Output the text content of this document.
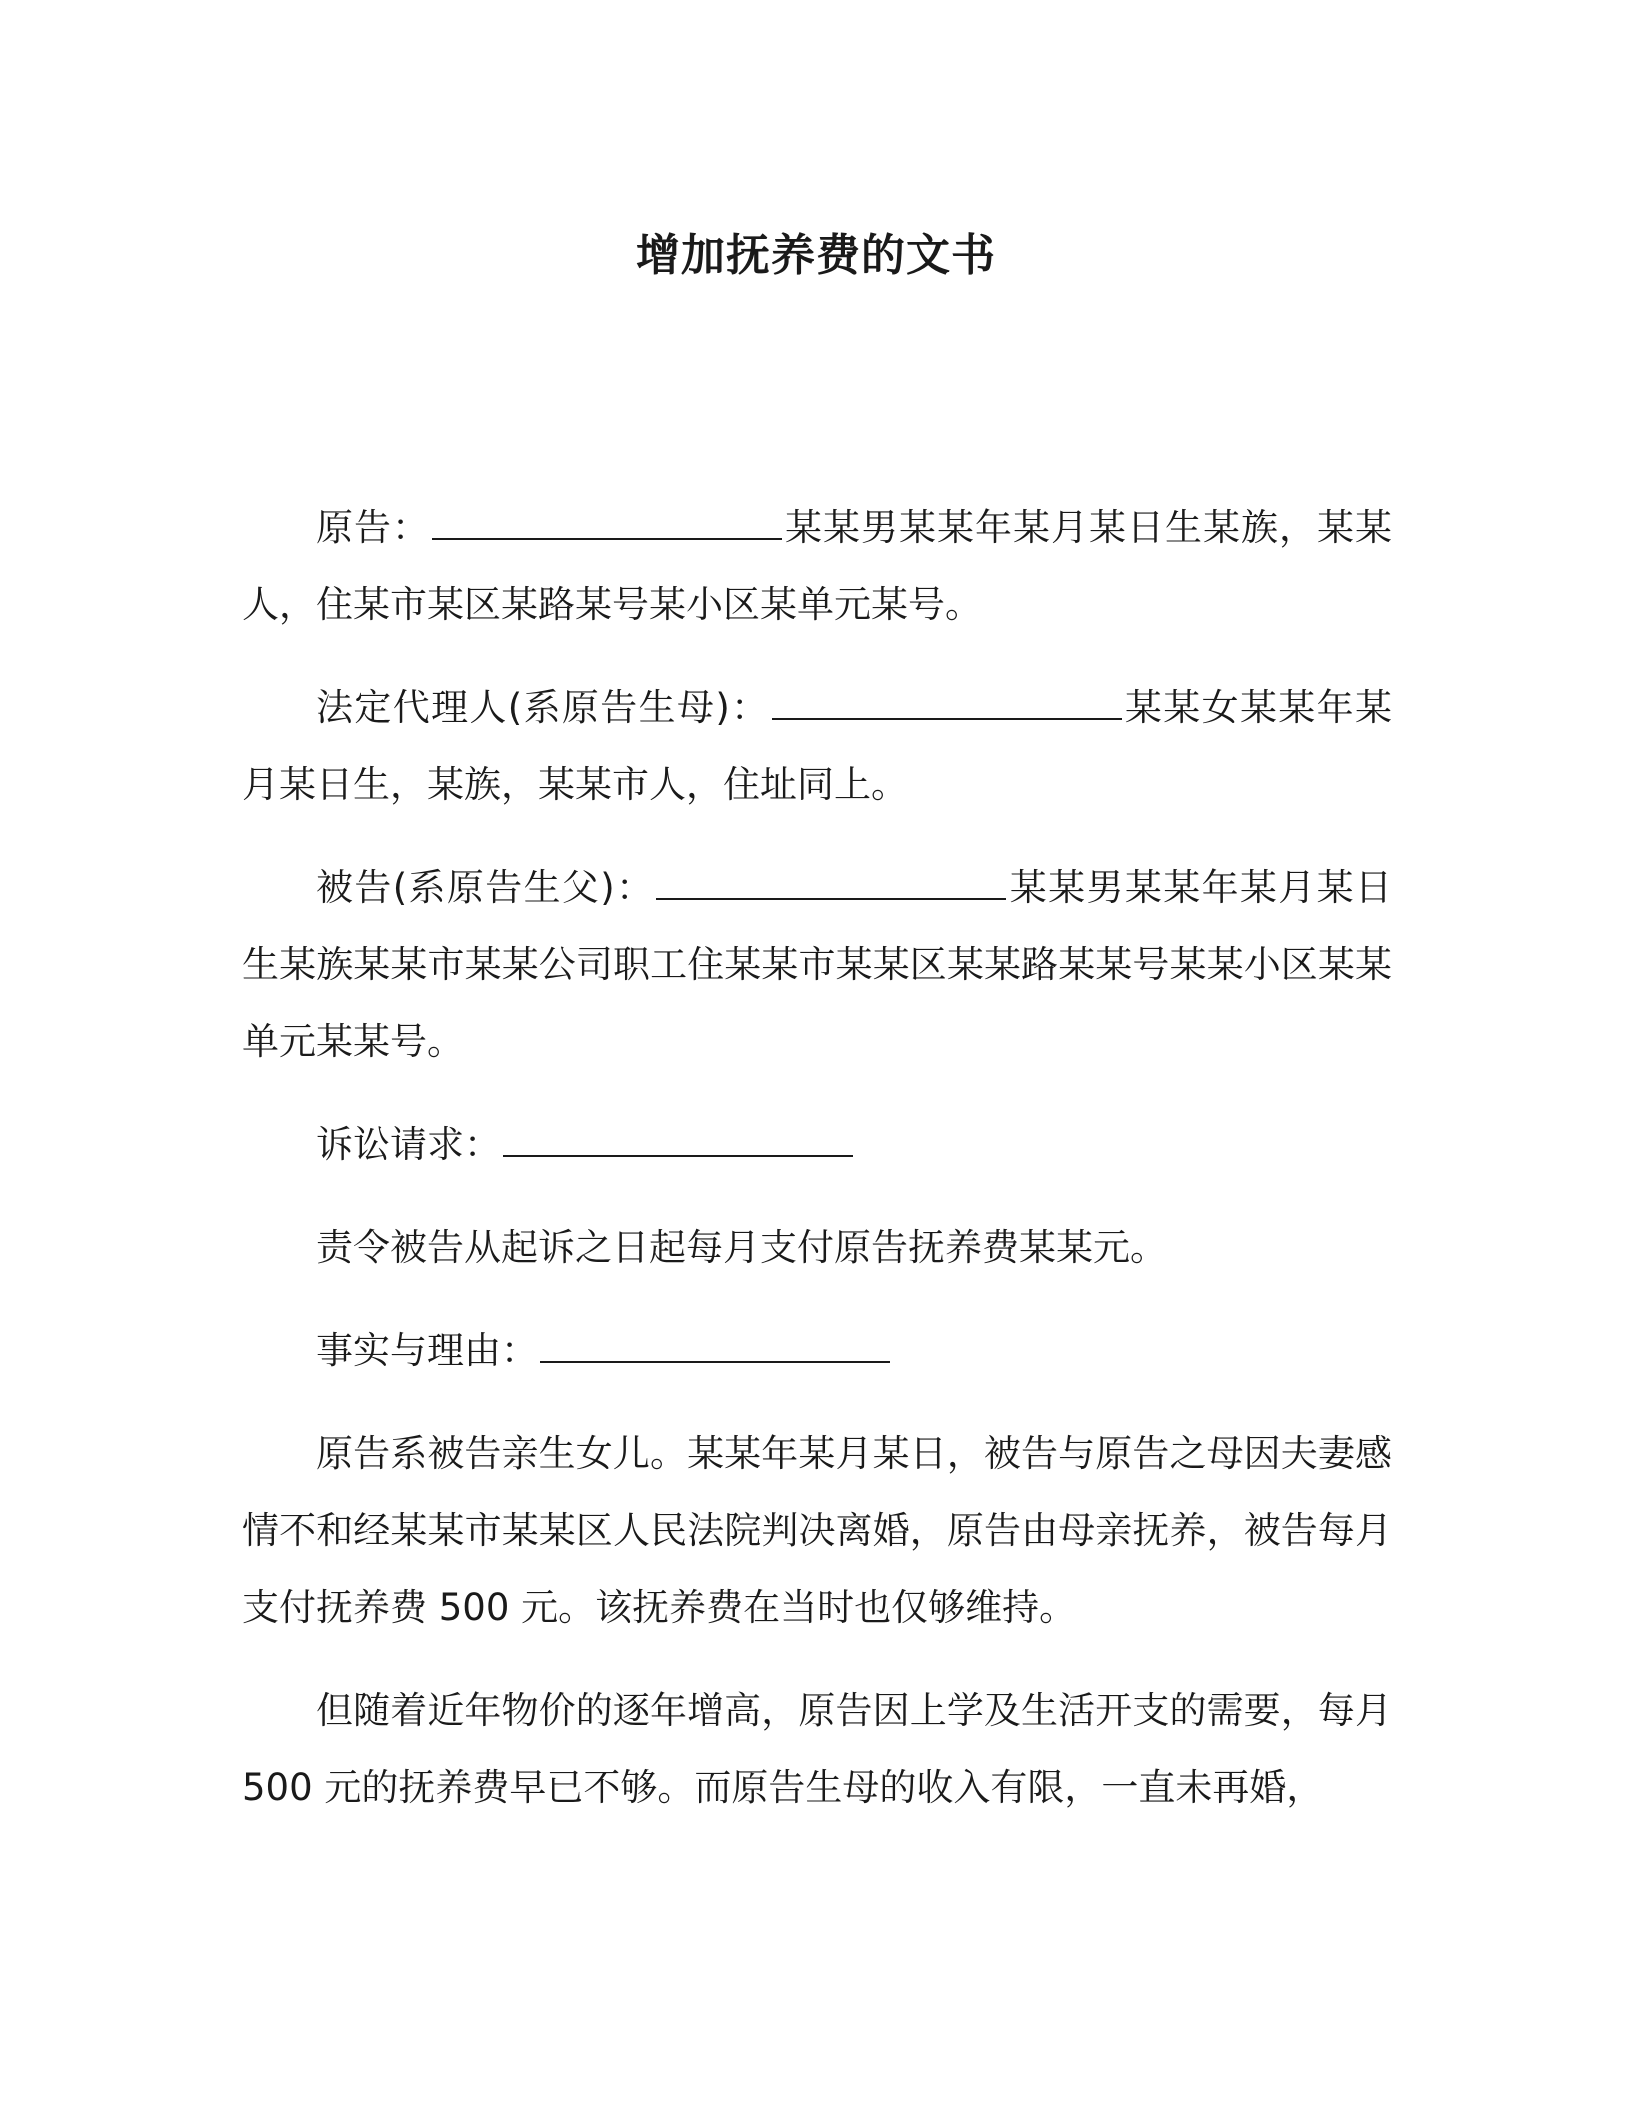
增加抚养费的文书

原告：	某某男某某年某月某日生某族，某某人，住某市某区某路某号某小区某单元某号。

法定代理人(系原告生母)：	某某女某某年某月某日生，某族，某某市人，住址同上。

被告(系原告生父)：	某某男某某年某月某日生某族某某市某某公司职工住某某市某某区某某路某某号某某小区某某单元某某号。

诉讼请求：

责令被告从起诉之日起每月支付原告抚养费某某元。

事实与理由：

原告系被告亲生女儿。某某年某月某日，被告与原告之母因夫妻感情不和经某某市某某区人民法院判决离婚，原告由母亲抚养，被告每月支付抚养费 500 元。该抚养费在当时也仅够维持。

但随着近年物价的逐年增高，原告因上学及生活开支的需要，每月 500 元的抚养费早已不够。而原告生母的收入有限，一直未再婚，
